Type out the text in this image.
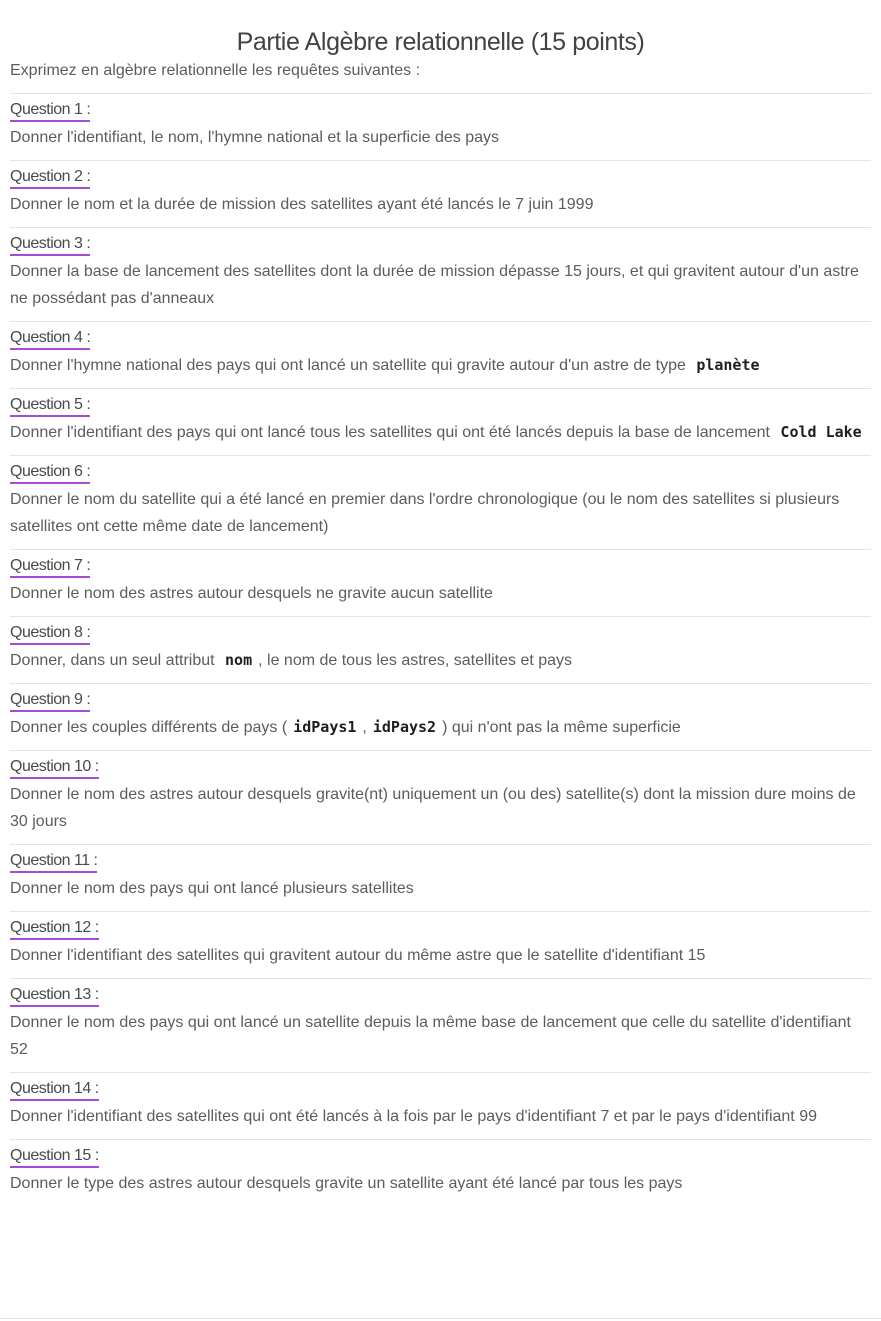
Partie Algèbre relationnelle (15 points)
Exprimez en algèbre relationnelle les requêtes suivantes :
Question 1 :
Donner l'identifiant, le nom, l'hymne national et la superficie des pays
Question 2 :
Donner le nom et la durée de mission des satellites ayant été lancés le 7 juin 1999
Question 3 :
Donner la base de lancement des satellites dont la durée de mission dépasse 15 jours, et qui gravitent autour d'un astre ne possédant pas d'anneaux
Question 4 :
Donner l'hymne national des pays qui ont lancé un satellite qui gravite autour d'un astre de type planète
Question 5 :
Donner l'identifiant des pays qui ont lancé tous les satellites qui ont été lancés depuis la base de lancement Cold Lake
Question 6 :
Donner le nom du satellite qui a été lancé en premier dans l'ordre chronologique (ou le nom des satellites si plusieurs satellites ont cette même date de lancement)
Question 7 :
Donner le nom des astres autour desquels ne gravite aucun satellite
Question 8 :
Donner, dans un seul attribut nom , le nom de tous les astres, satellites et pays
Question 9 :
Donner les couples différents de pays ( idPays1 , idPays2 ) qui n'ont pas la même superficie
Question 10 :
Donner le nom des astres autour desquels gravite(nt) uniquement un (ou des) satellite(s) dont la mission dure moins de 30 jours
Question 11 :
Donner le nom des pays qui ont lancé plusieurs satellites
Question 12 :
Donner l'identifiant des satellites qui gravitent autour du même astre que le satellite d'identifiant 15
Question 13 :
Donner le nom des pays qui ont lancé un satellite depuis la même base de lancement que celle du satellite d'identifiant 52
Question 14 :
Donner l'identifiant des satellites qui ont été lancés à la fois par le pays d'identifiant 7 et par le pays d'identifiant 99
Question 15 :
Donner le type des astres autour desquels gravite un satellite ayant été lancé par tous les pays
